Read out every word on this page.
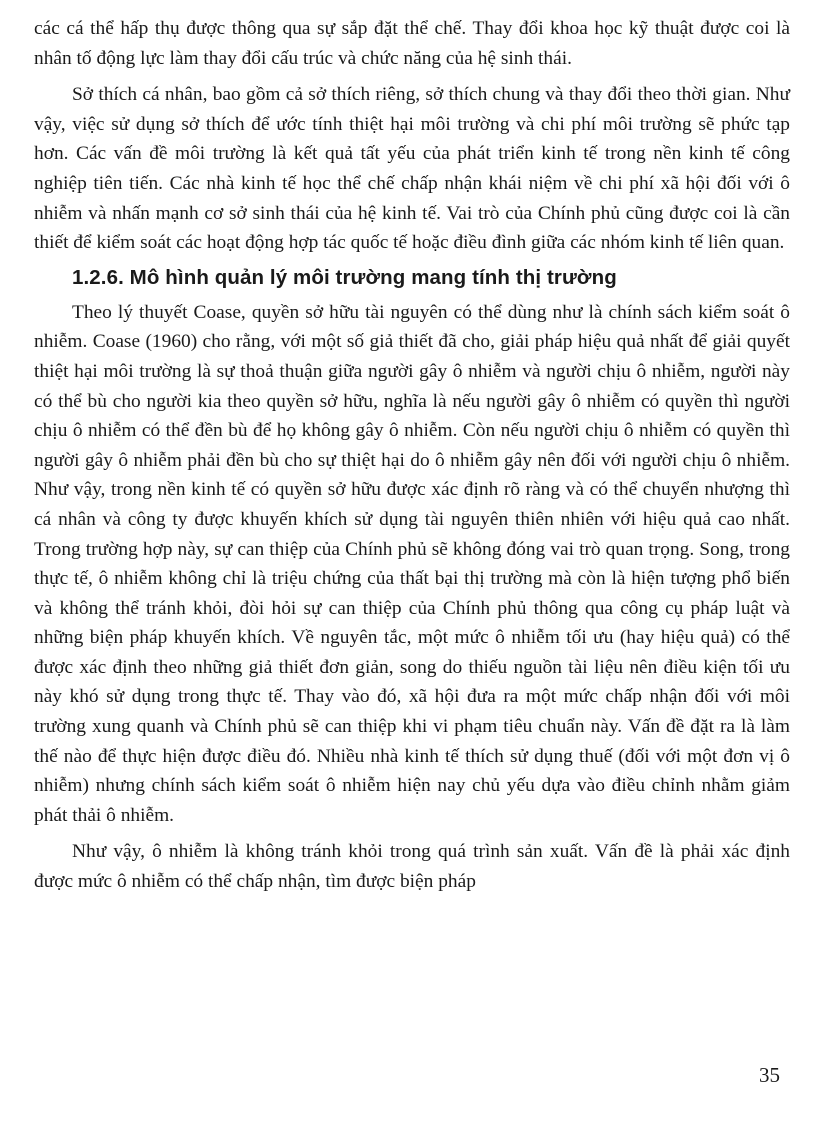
các cá thể hấp thụ được thông qua sự sắp đặt thể chế. Thay đổi khoa học kỹ thuật được coi là nhân tố động lực làm thay đổi cấu trúc và chức năng của hệ sinh thái.

Sở thích cá nhân, bao gồm cả sở thích riêng, sở thích chung và thay đổi theo thời gian. Như vậy, việc sử dụng sở thích để ước tính thiệt hại môi trường và chi phí môi trường sẽ phức tạp hơn. Các vấn đề môi trường là kết quả tất yếu của phát triển kinh tế trong nền kinh tế công nghiệp tiên tiến. Các nhà kinh tế học thể chế chấp nhận khái niệm về chi phí xã hội đối với ô nhiễm và nhấn mạnh cơ sở sinh thái của hệ kinh tế. Vai trò của Chính phủ cũng được coi là cần thiết để kiểm soát các hoạt động hợp tác quốc tế hoặc điều đình giữa các nhóm kinh tế liên quan.

1.2.6. Mô hình quản lý môi trường mang tính thị trường

Theo lý thuyết Coase, quyền sở hữu tài nguyên có thể dùng như là chính sách kiểm soát ô nhiễm. Coase (1960) cho rằng, với một số giả thiết đã cho, giải pháp hiệu quả nhất để giải quyết thiệt hại môi trường là sự thoả thuận giữa người gây ô nhiễm và người chịu ô nhiễm, người này có thể bù cho người kia theo quyền sở hữu, nghĩa là nếu người gây ô nhiễm có quyền thì người chịu ô nhiễm có thể đền bù để họ không gây ô nhiễm. Còn nếu người chịu ô nhiễm có quyền thì người gây ô nhiễm phải đền bù cho sự thiệt hại do ô nhiễm gây nên đối với người chịu ô nhiễm. Như vậy, trong nền kinh tế có quyền sở hữu được xác định rõ ràng và có thể chuyển nhượng thì cá nhân và công ty được khuyến khích sử dụng tài nguyên thiên nhiên với hiệu quả cao nhất. Trong trường hợp này, sự can thiệp của Chính phủ sẽ không đóng vai trò quan trọng. Song, trong thực tế, ô nhiễm không chỉ là triệu chứng của thất bại thị trường mà còn là hiện tượng phổ biến và không thể tránh khỏi, đòi hỏi sự can thiệp của Chính phủ thông qua công cụ pháp luật và những biện pháp khuyến khích. Về nguyên tắc, một mức ô nhiễm tối ưu (hay hiệu quả) có thể được xác định theo những giả thiết đơn giản, song do thiếu nguồn tài liệu nên điều kiện tối ưu này khó sử dụng trong thực tế. Thay vào đó, xã hội đưa ra một mức chấp nhận đối với môi trường xung quanh và Chính phủ sẽ can thiệp khi vi phạm tiêu chuẩn này. Vấn đề đặt ra là làm thế nào để thực hiện được điều đó. Nhiều nhà kinh tế thích sử dụng thuế (đối với một đơn vị ô nhiễm) nhưng chính sách kiểm soát ô nhiễm hiện nay chủ yếu dựa vào điều chỉnh nhằm giảm phát thải ô nhiễm.

Như vậy, ô nhiễm là không tránh khỏi trong quá trình sản xuất. Vấn đề là phải xác định được mức ô nhiễm có thể chấp nhận, tìm được biện pháp

35
